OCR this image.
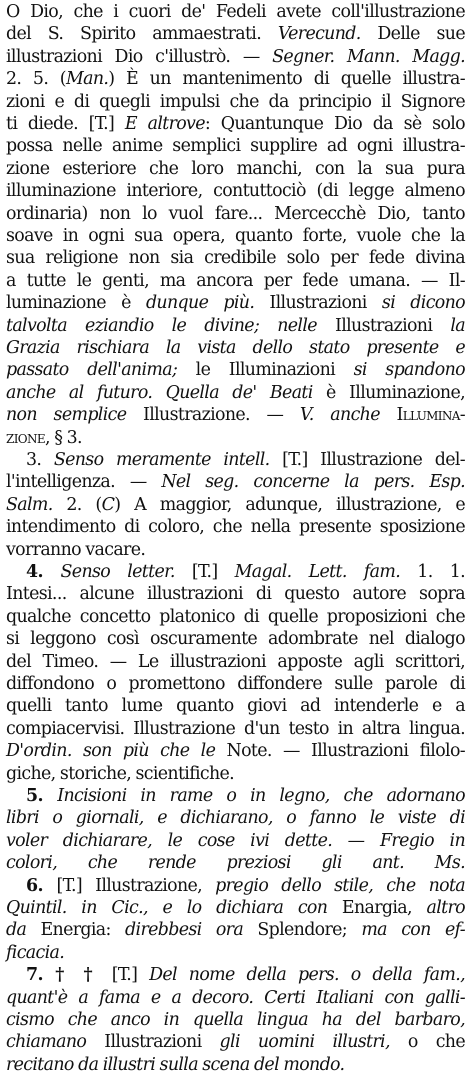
O Dio, che i cuori de' Fedeli avete coll'illustrazione
del S. Spirito ammaestrati. Verecund. Delle sue
illustrazioni Dio c'illustrò. — Segner. Mann. Magg.
2. 5. (Man.) È un mantenimento di quelle illustra-
zioni e di quegli impulsi che da principio il Signore
ti diede. [T.] E altrove: Quantunque Dio da sè solo
possa nelle anime semplici supplire ad ogni illustra-
zione esteriore che loro manchi, con la sua pura
illuminazione interiore, contuttociò (di legge almeno
ordinaria) non lo vuol fare... Mercecchè Dio, tanto
soave in ogni sua opera, quanto forte, vuole che la
sua religione non sia credibile solo per fede divina
a tutte le genti, ma ancora per fede umana. — Il-
luminazione è dunque più. Illustrazioni si dicono
talvolta eziandio le divine; nelle Illustrazioni la
Grazia rischiara la vista dello stato presente e
passato dell'anima; le Illuminazioni si spandono
anche al futuro. Quella de' Beati è Illuminazione,
non semplice Illustrazione. — V. anche Illumina-
zione, § 3.
3. Senso meramente intell. [T.] Illustrazione del-
l'intelligenza. — Nel seg. concerne la pers. Esp.
Salm. 2. (C) A maggior, adunque, illustrazione, e
intendimento di coloro, che nella presente sposizione
vorranno vacare.
4. Senso letter. [T.] Magal. Lett. fam. 1. 1.
Intesi... alcune illustrazioni di questo autore sopra
qualche concetto platonico di quelle proposizioni che
si leggono così oscuramente adombrate nel dialogo
del Timeo. — Le illustrazioni apposte agli scrittori,
diffondono o promettono diffondere sulle parole di
quelli tanto lume quanto giovi ad intenderle e a
compiacervisi. Illustrazione d'un testo in altra lingua.
D'ordin. son più che le Note. — Illustrazioni filolo-
giche, storiche, scientifiche.
5. Incisioni in rame o in legno, che adornano
libri o giornali, e dichiarano, o fanno le viste di
voler dichiarare, le cose ivi dette. — Fregio in
colori, che rende preziosi gli ant. Ms.
6. [T.] Illustrazione, pregio dello stile, che nota
Quintil. in Cic., e lo dichiara con Enargia, altro
da Energia: direbbesi ora Splendore; ma con ef-
ficacia.
7. † † [T.] Del nome della pers. o della fam.,
quant'è a fama e a decoro. Certi Italiani con galli-
cismo che anco in quella lingua ha del barbaro,
chiamano Illustrazioni gli uomini illustri, o che
recitano da illustri sulla scena del mondo.
